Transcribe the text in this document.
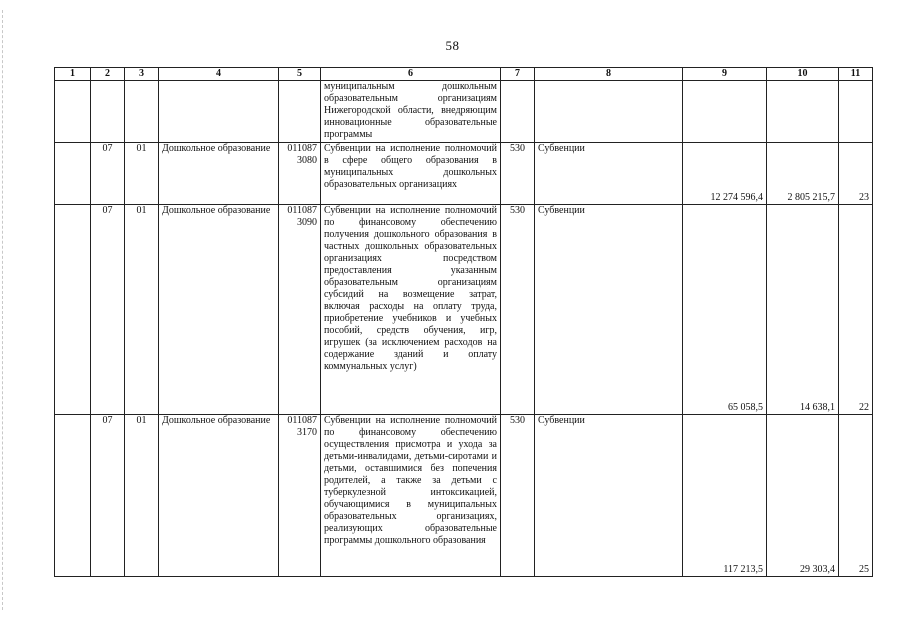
58
1	2	3	4	5	6	7	8	9	10	11
					муниципальным дошкольным образовательным организациям Нижегородской области, внедряющим инновационные образовательные программы					
	07	01	Дошкольное образование	011087 3080	Субвенции на исполнение полномочий в сфере общего образования в муниципальных дошкольных образовательных организациях	530	Субвенции	12 274 596,4	2 805 215,7	23
	07	01	Дошкольное образование	011087 3090	Субвенции на исполнение полномочий по финансовому обеспечению получения дошкольного образования в частных дошкольных образовательных организациях посредством предоставления указанным образовательным организациям субсидий на возмещение затрат, включая расходы на оплату труда, приобретение учебников и учебных пособий, средств обучения, игр, игрушек (за исключением расходов на содержание зданий и оплату коммунальных услуг)	530	Субвенции	65 058,5	14 638,1	22
	07	01	Дошкольное образование	011087 3170	Субвенции на исполнение полномочий по финансовому обеспечению осуществления присмотра и ухода за детьми-инвалидами, детьми-сиротами и детьми, оставшимися без попечения родителей, а также за детьми с туберкулезной интоксикацией, обучающимися в муниципальных образовательных организациях, реализующих образовательные программы дошкольного образования	530	Субвенции	117 213,5	29 303,4	25
